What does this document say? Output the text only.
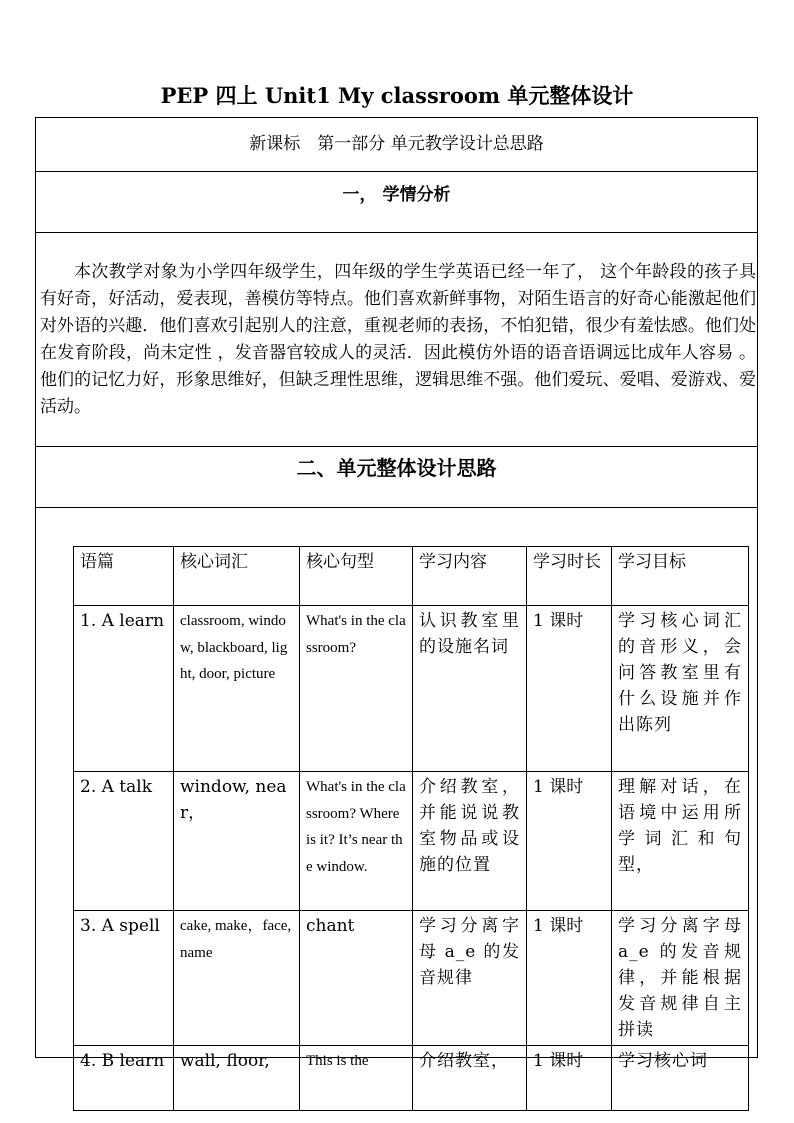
PEP 四上 Unit1 My classroom 单元整体设计
新课标　第一部分 单元教学设计总思路
一， 学情分析

本次教学对象为小学四年级学生，四年级的学生学英语已经一年了， 这个年龄段的孩子具有好奇，好活动，爱表现，善模仿等特点。他们喜欢新鲜事物，对陌生语言的好奇心能激起他们对外语的兴趣．他们喜欢引起别人的注意，重视老师的表扬，不怕犯错，很少有羞怯感。他们处在发育阶段，尚未定性 ，发音器官较成人的灵活．因此模仿外语的语音语调远比成年人容易 。他们的记忆力好，形象思维好，但缺乏理性思维，逻辑思维不强。他们爱玩、爱唱、爱游戏、爱活动。

二、单元整体设计思路
语篇	核心词汇	核心句型	学习内容	学习时长	学习目标
1. A learn	classroom, window, blackboard, light, door, picture	What's in the classroom?	认识教室里的设施名词	1 课时	学习核心词汇的音形义，会问答教室里有什么设施并作出陈列
2. A talk	window, near，	What's in the classroom? Where is it? It’s near the window.	介绍教室，并能说说教室物品或设施的位置	1 课时	理解对话，在语境中运用所学词汇和句型，
3. A spell	cake, make，face, name	chant	学习分离字母 a_e 的发音规律	1 课时	学习分离字母 a_e 的发音规律，并能根据发音规律自主拼读
4. B learn	wall, floor,	This is the	介绍教室，	1 课时	学习核心词
